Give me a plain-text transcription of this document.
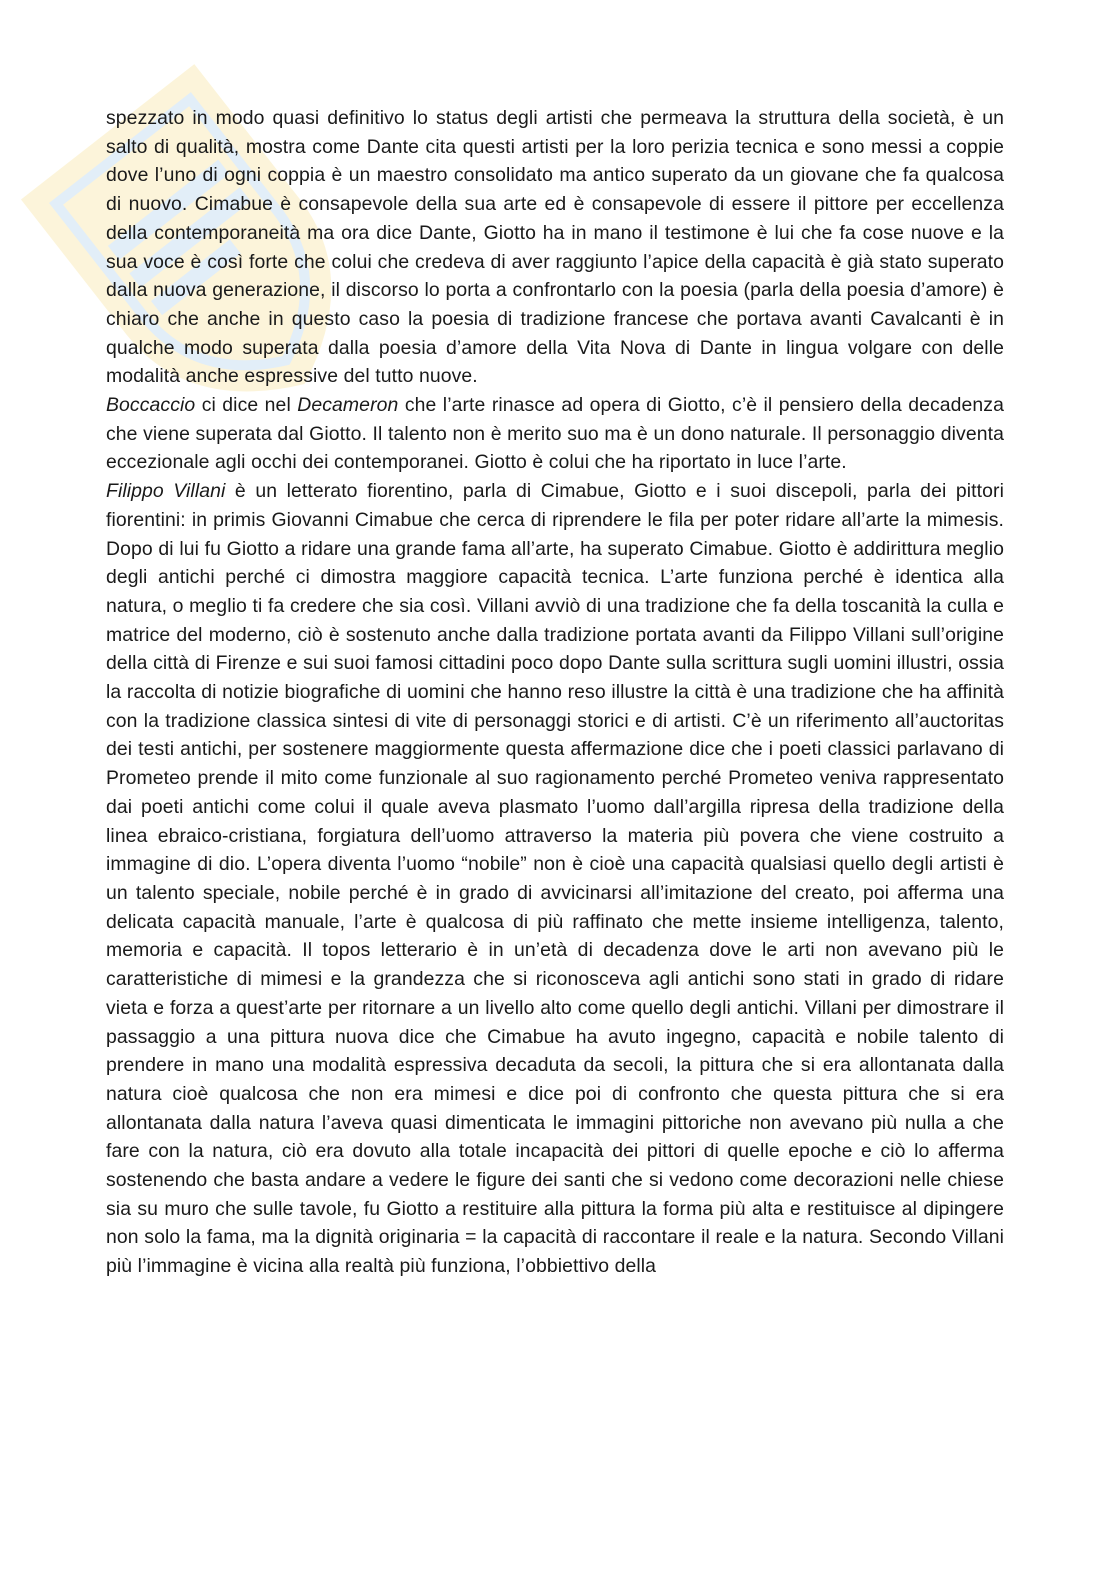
spezzato in modo quasi definitivo lo status degli artisti che permeava la struttura della società, è un salto di qualità, mostra come Dante cita questi artisti per la loro perizia tecnica e sono messi a coppie dove l’uno di ogni coppia è un maestro consolidato ma antico superato da un giovane che fa qualcosa di nuovo. Cimabue è consapevole della sua arte ed è consapevole di essere il pittore per eccellenza della contemporaneità ma ora dice Dante, Giotto ha in mano il testimone è lui che fa cose nuove e la sua voce è così forte che colui che credeva di aver raggiunto l’apice della capacità è già stato superato dalla nuova generazione, il discorso lo porta a confrontarlo con la poesia (parla della poesia d’amore) è chiaro che anche in questo caso la poesia di tradizione francese che portava avanti Cavalcanti è in qualche modo superata dalla poesia d’amore della Vita Nova di Dante in lingua volgare con delle modalità anche espressive del tutto nuove.

Boccaccio ci dice nel Decameron che l’arte rinasce ad opera di Giotto, c’è il pensiero della decadenza che viene superata dal Giotto. Il talento non è merito suo ma è un dono naturale. Il personaggio diventa eccezionale agli occhi dei contemporanei. Giotto è colui che ha riportato in luce l’arte.

Filippo Villani è un letterato fiorentino, parla di Cimabue, Giotto e i suoi discepoli, parla dei pittori fiorentini: in primis Giovanni Cimabue che cerca di riprendere le fila per poter ridare all’arte la mimesis. Dopo di lui fu Giotto a ridare una grande fama all’arte, ha superato Cimabue. Giotto è addirittura meglio degli antichi perché ci dimostra maggiore capacità tecnica. L’arte funziona perché è identica alla natura, o meglio ti fa credere che sia così. Villani avviò di una tradizione che fa della toscanità la culla e matrice del moderno, ciò è sostenuto anche dalla tradizione portata avanti da Filippo Villani sull’origine della città di Firenze e sui suoi famosi cittadini poco dopo Dante sulla scrittura sugli uomini illustri, ossia la raccolta di notizie biografiche di uomini che hanno reso illustre la città è una tradizione che ha affinità con la tradizione classica sintesi di vite di personaggi storici e di artisti. C’è un riferimento all’auctoritas dei testi antichi, per sostenere maggiormente questa affermazione dice che i poeti classici parlavano di Prometeo prende il mito come funzionale al suo ragionamento perché Prometeo veniva rappresentato dai poeti antichi come colui il quale aveva plasmato l’uomo dall’argilla ripresa della tradizione della linea ebraico-cristiana, forgiatura dell’uomo attraverso la materia più povera che viene costruito a immagine di dio. L’opera diventa l’uomo “nobile” non è cioè una capacità qualsiasi quello degli artisti è un talento speciale, nobile perché è in grado di avvicinarsi all’imitazione del creato, poi afferma una delicata capacità manuale, l’arte è qualcosa di più raffinato che mette insieme intelligenza, talento, memoria e capacità. Il topos letterario è in un’età di decadenza dove le arti non avevano più le caratteristiche di mimesi e la grandezza che si riconosceva agli antichi sono stati in grado di ridare vieta e forza a quest’arte per ritornare a un livello alto come quello degli antichi. Villani per dimostrare il passaggio a una pittura nuova dice che Cimabue ha avuto ingegno, capacità e nobile talento di prendere in mano una modalità espressiva decaduta da secoli, la pittura che si era allontanata dalla natura cioè qualcosa che non era mimesi e dice poi di confronto che questa pittura che si era allontanata dalla natura l’aveva quasi dimenticata le immagini pittoriche non avevano più nulla a che fare con la natura, ciò era dovuto alla totale incapacità dei pittori di quelle epoche e ciò lo afferma sostenendo che basta andare a vedere le figure dei santi che si vedono come decorazioni nelle chiese sia su muro che sulle tavole, fu Giotto a restituire alla pittura la forma più alta e restituisce al dipingere non solo la fama, ma la dignità originaria = la capacità di raccontare il reale e la natura. Secondo Villani più l’immagine è vicina alla realtà più funziona, l’obbiettivo della
